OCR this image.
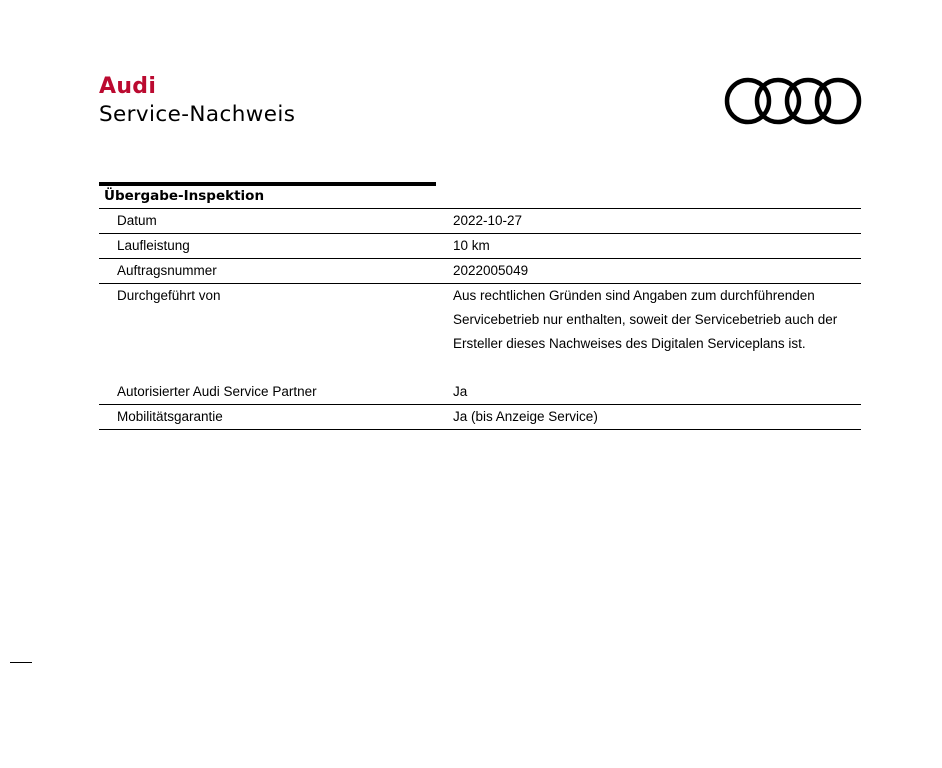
Audi
Service-Nachweis
Übergabe-Inspektion
Datum	2022-10-27
Laufleistung	10 km
Auftragsnummer	2022005049
Durchgeführt von	Aus rechtlichen Gründen sind Angaben zum durchführenden Servicebetrieb nur enthalten, soweit der Servicebetrieb auch der Ersteller dieses Nachweises des Digitalen Serviceplans ist.
Autorisierter Audi Service Partner	Ja
Mobilitätsgarantie	Ja (bis Anzeige Service)
